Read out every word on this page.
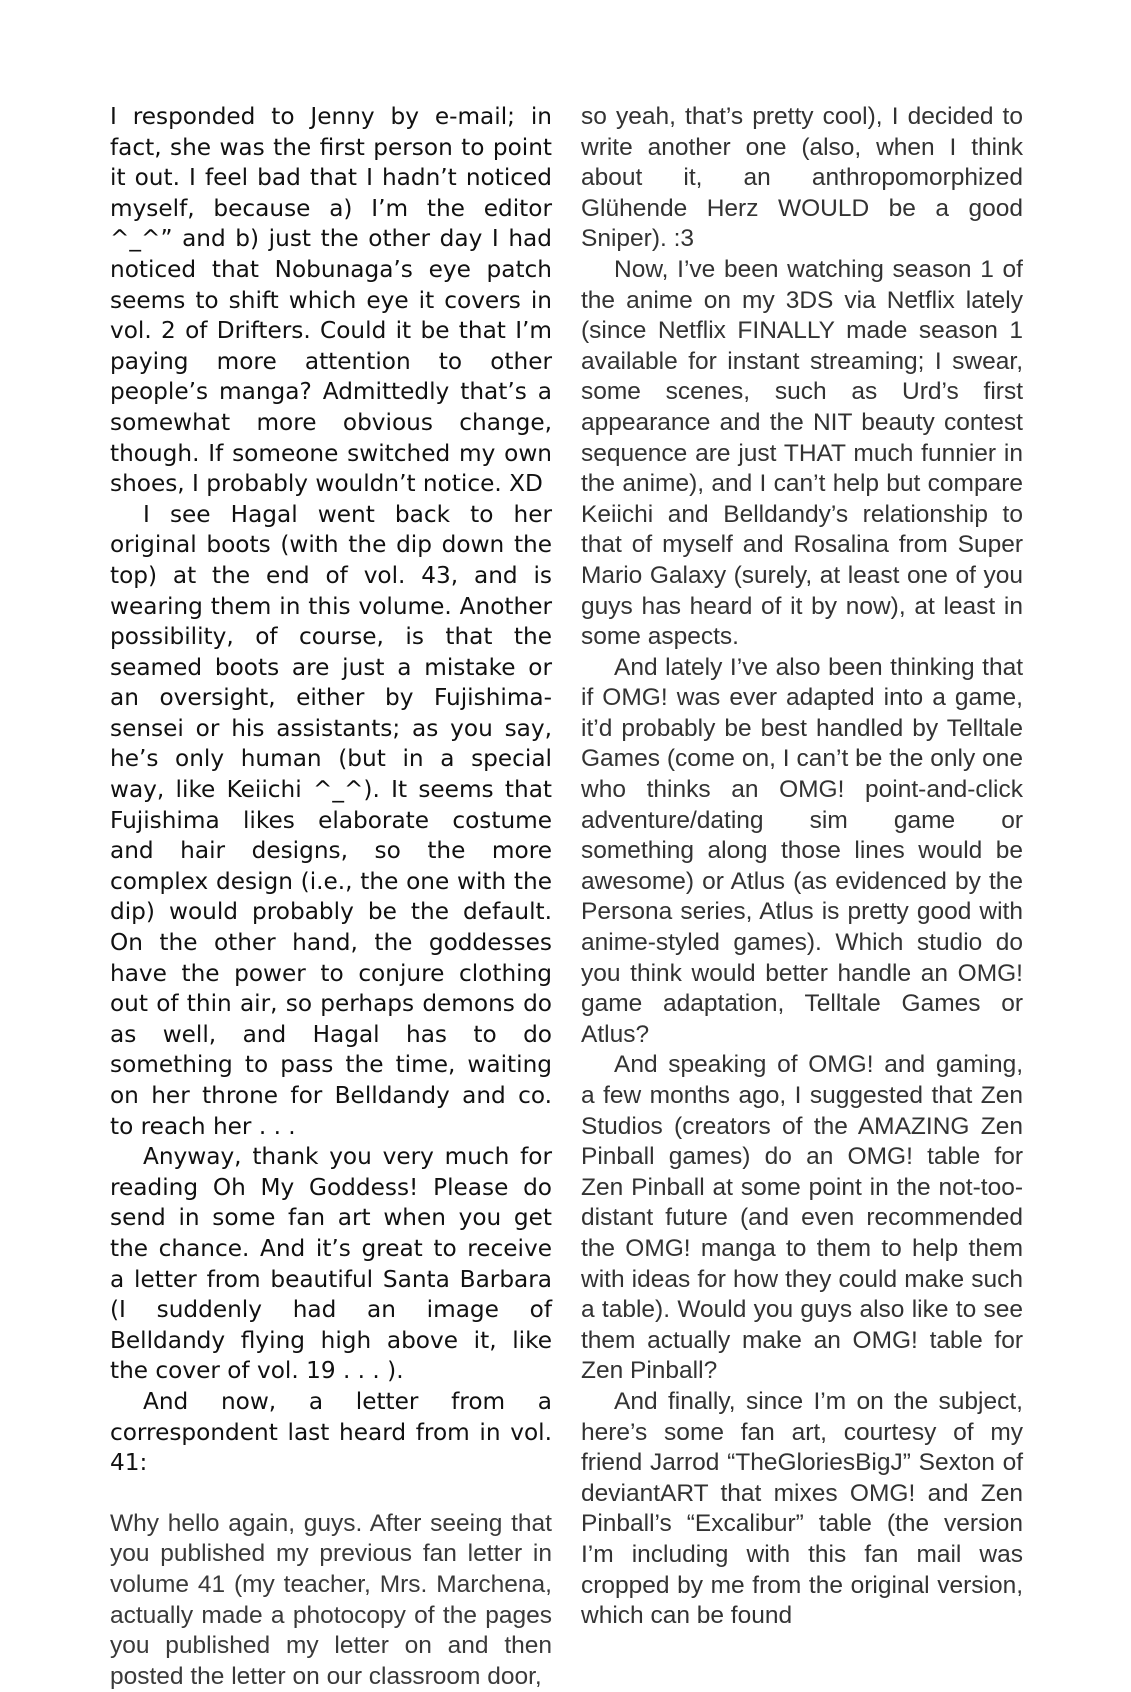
I responded to Jenny by e-mail; in fact, she was the first person to point it out. I feel bad that I hadn’t noticed myself, because a) I’m the editor ^_^” and b) just the other day I had noticed that Nobunaga’s eye patch seems to shift which eye it covers in vol. 2 of Drifters. Could it be that I’m paying more attention to other people’s manga? Admittedly that’s a somewhat more obvious change, though. If someone switched my own shoes, I probably wouldn’t notice. XD

I see Hagal went back to her original boots (with the dip down the top) at the end of vol. 43, and is wearing them in this volume. Another possibility, of course, is that the seamed boots are just a mistake or an oversight, either by Fujishima-sensei or his assistants; as you say, he’s only human (but in a special way, like Keiichi ^_^). It seems that Fujishima likes elaborate costume and hair designs, so the more complex design (i.e., the one with the dip) would probably be the default. On the other hand, the goddesses have the power to conjure clothing out of thin air, so perhaps demons do as well, and Hagal has to do something to pass the time, waiting on her throne for Belldandy and co. to reach her . . .

Anyway, thank you very much for reading Oh My Goddess! Please do send in some fan art when you get the chance. And it’s great to receive a letter from beautiful Santa Barbara (I suddenly had an image of Belldandy flying high above it, like the cover of vol. 19 . . . ).

And now, a letter from a correspondent last heard from in vol. 41:

Why hello again, guys. After seeing that you published my previous fan letter in volume 41 (my teacher, Mrs. Marchena, actually made a photocopy of the pages you published my letter on and then posted the letter on our classroom door,

so yeah, that’s pretty cool), I decided to write another one (also, when I think about it, an anthropomorphized Glühende Herz WOULD be a good Sniper). :3

Now, I’ve been watching season 1 of the anime on my 3DS via Netflix lately (since Netflix FINALLY made season 1 available for instant streaming; I swear, some scenes, such as Urd’s first appearance and the NIT beauty contest sequence are just THAT much funnier in the anime), and I can’t help but compare Keiichi and Belldandy’s relationship to that of myself and Rosalina from Super Mario Galaxy (surely, at least one of you guys has heard of it by now), at least in some aspects.

And lately I’ve also been thinking that if OMG! was ever adapted into a game, it’d probably be best handled by Telltale Games (come on, I can’t be the only one who thinks an OMG! point-and-click adventure/dating sim game or something along those lines would be awesome) or Atlus (as evidenced by the Persona series, Atlus is pretty good with anime-styled games). Which studio do you think would better handle an OMG! game adaptation, Telltale Games or Atlus?

And speaking of OMG! and gaming, a few months ago, I suggested that Zen Studios (creators of the AMAZING Zen Pinball games) do an OMG! table for Zen Pinball at some point in the not-too-distant future (and even recommended the OMG! manga to them to help them with ideas for how they could make such a table). Would you guys also like to see them actually make an OMG! table for Zen Pinball?

And finally, since I’m on the subject, here’s some fan art, courtesy of my friend Jarrod “TheGloriesBigJ” Sexton of deviantART that mixes OMG! and Zen Pinball’s “Excalibur” table (the version I’m including with this fan mail was cropped by me from the original version, which can be found
